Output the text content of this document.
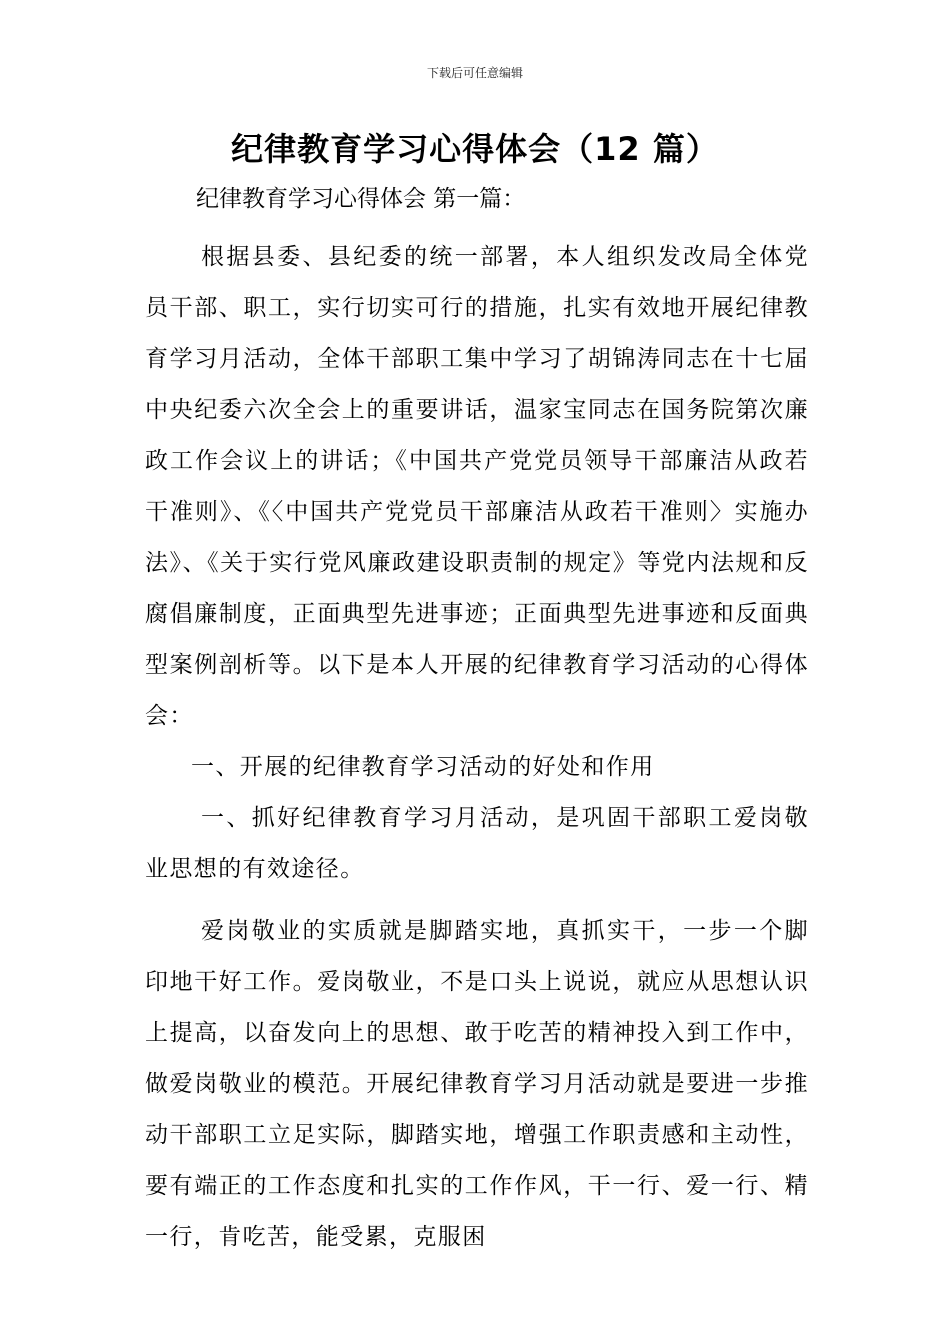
下载后可任意编辑
纪律教育学习心得体会（12 篇）
纪律教育学习心得体会 第一篇：

根据县委、县纪委的统一部署，本人组织发改局全体党员干部、职工，实行切实可行的措施，扎实有效地开展纪律教育学习月活动，全体干部职工集中学习了胡锦涛同志在十七届中央纪委六次全会上的重要讲话，温家宝同志在国务院第次廉政工作会议上的讲话；《中国共产党党员领导干部廉洁从政若干准则》、《〈中国共产党党员干部廉洁从政若干准则〉实施办法》、《关于实行党风廉政建设职责制的规定》等党内法规和反腐倡廉制度，正面典型先进事迹；正面典型先进事迹和反面典型案例剖析等。以下是本人开展的纪律教育学习活动的心得体会：

一、开展的纪律教育学习活动的好处和作用

一、抓好纪律教育学习月活动，是巩固干部职工爱岗敬业思想的有效途径。

爱岗敬业的实质就是脚踏实地，真抓实干，一步一个脚印地干好工作。爱岗敬业，不是口头上说说，就应从思想认识上提高，以奋发向上的思想、敢于吃苦的精神投入到工作中，做爱岗敬业的模范。开展纪律教育学习月活动就是要进一步推动干部职工立足实际，脚踏实地，增强工作职责感和主动性，要有端正的工作态度和扎实的工作作风，干一行、爱一行、精一行，肯吃苦，能受累，克服困
